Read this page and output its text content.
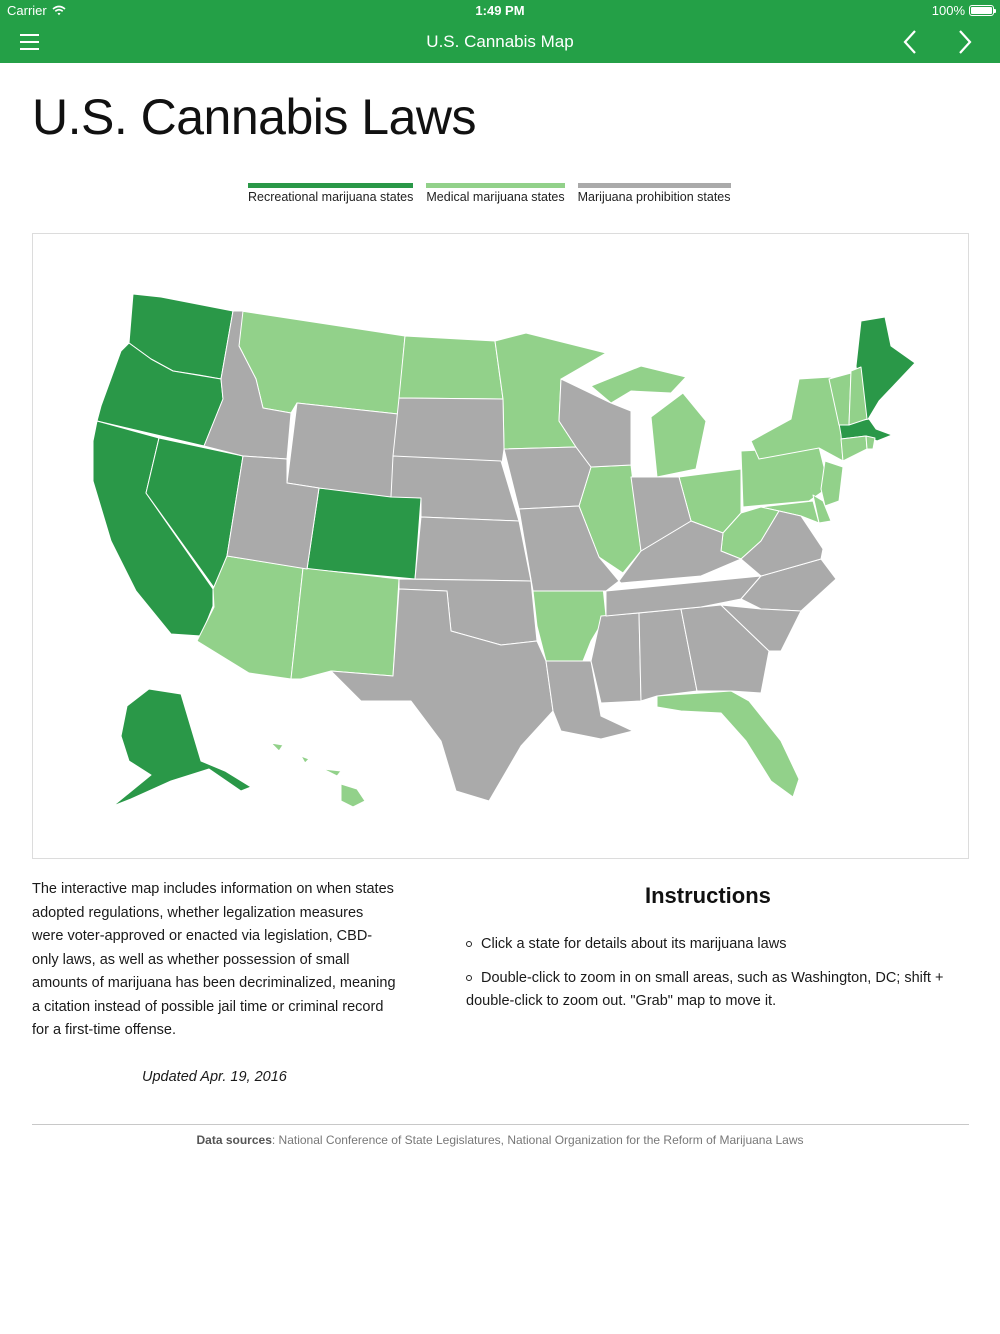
Carrier	1:49 PM	100%
U.S. Cannabis Map
U.S. Cannabis Laws
Recreational marijuana states Medical marijuana states Marijuana prohibition states

The interactive map includes information on when states adopted regulations, whether legalization measures were voter-approved or enacted via legislation, CBD-only laws, as well as whether possession of small amounts of marijuana has been decriminalized, meaning a citation instead of possible jail time or criminal record for a first-time offense.

Updated Apr. 19, 2016

Instructions
Click a state for details about its marijuana laws
Double-click to zoom in on small areas, such as Washington, DC; shift + double-click to zoom out. "Grab" map to move it.
Data sources: National Conference of State Legislatures, National Organization for the Reform of Marijuana Laws
